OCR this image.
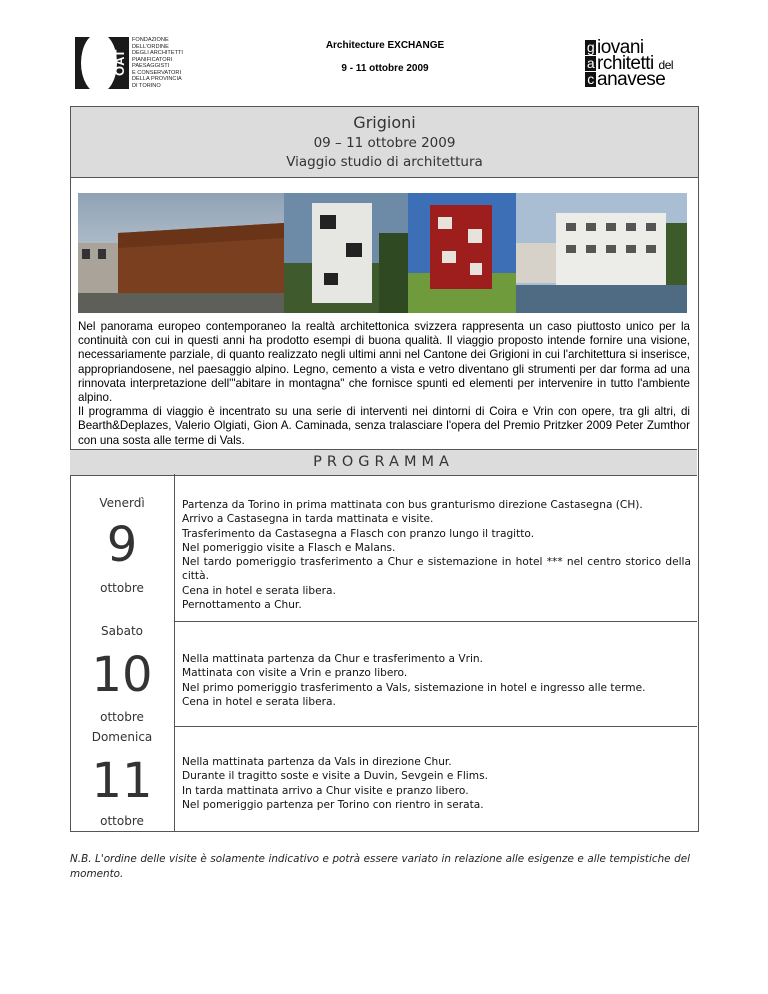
OAT
FONDAZIONE
DELL'ORDINE
DEGLI ARCHITETTI
PIANIFICATORI
PAESAGGISTI
E CONSERVATORI
DELLA PROVINCIA
DI TORINO
Architecture EXCHANGE
9 - 11 ottobre 2009
g iovani
a rchitetti del
c anavese
Grigioni
09 – 11 ottobre 2009
Viaggio studio di architettura
Nel panorama europeo contemporaneo la realtà architettonica svizzera rappresenta un caso piuttosto unico per la continuità con cui in questi anni ha prodotto esempi di buona qualità. Il viaggio proposto intende fornire una visione, necessariamente parziale, di quanto realizzato negli ultimi anni nel Cantone dei Grigioni in cui l'architettura si inserisce, appropriandosene, nel paesaggio alpino. Legno, cemento a vista e vetro diventano gli strumenti per dar forma ad una rinnovata interpretazione dell'"abitare in montagna" che fornisce spunti ed elementi per intervenire in tutto l'ambiente alpino.
Il programma di viaggio è incentrato su una serie di interventi nei dintorni di Coira e Vrin con opere, tra gli altri, di Bearth&Deplazes, Valerio Olgiati, Gion A. Caminada, senza tralasciare l'opera del Premio Pritzker 2009 Peter Zumthor con una sosta alle terme di Vals.
PROGRAMMA
Venerdì
9
ottobre
Partenza da Torino in prima mattinata con bus granturismo direzione Castasegna (CH).
Arrivo a Castasegna in tarda mattinata e visite.
Trasferimento da Castasegna a Flasch con pranzo lungo il tragitto.
Nel pomeriggio visite a Flasch e Malans.
Nel tardo pomeriggio trasferimento a Chur e sistemazione in hotel *** nel centro storico della città.
Cena in hotel e serata libera.
Pernottamento a Chur.
Sabato
10
ottobre
Nella mattinata partenza da Chur e trasferimento a Vrin.
Mattinata con visite a Vrin e pranzo libero.
Nel primo pomeriggio trasferimento a Vals, sistemazione in hotel e ingresso alle terme.
Cena in hotel e serata libera.
Domenica
11
ottobre
Nella mattinata partenza da Vals in direzione Chur.
Durante il tragitto soste e visite a Duvin, Sevgein e Flims.
In tarda mattinata arrivo a Chur visite e pranzo libero.
Nel pomeriggio partenza per Torino con rientro in serata.
N.B. L'ordine delle visite è solamente indicativo e potrà essere variato in relazione alle esigenze e alle tempistiche del momento.
